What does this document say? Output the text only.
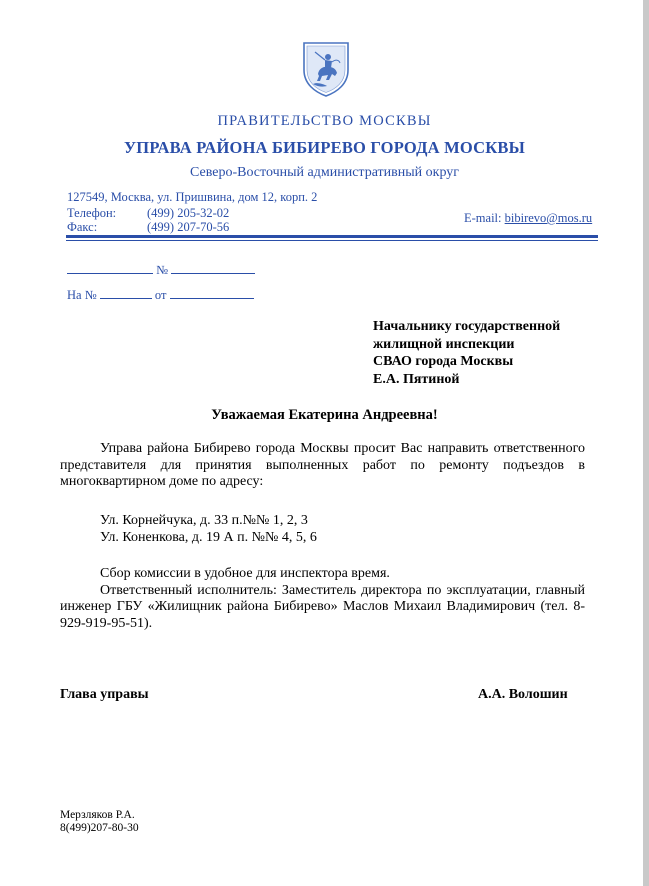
ПРАВИТЕЛЬСТВО МОСКВЫ
УПРАВА РАЙОНА БИБИРЕВО ГОРОДА МОСКВЫ
Северо-Восточный административный округ
127549, Москва, ул. Пришвина, дом 12, корп. 2
Телефон: (499) 205-32-02
Факс:	(499) 207-70-56
E-mail: bibirevo@mos.ru
№
На №	от
Начальнику государственной
жилищной инспекции
СВАО города Москвы
Е.А. Пятиной
Уважаемая Екатерина Андреевна!
Управа района Бибирево города Москвы просит Вас направить ответственного представителя для принятия выполненных работ по ремонту подъездов в многоквартирном доме по адресу:
Ул. Корнейчука, д. 33 п.№№ 1, 2, 3
Ул. Коненкова, д. 19 А п. №№ 4, 5, 6
Сбор комиссии в удобное для инспектора время.
Ответственный исполнитель: Заместитель директора по эксплуатации, главный инженер ГБУ «Жилищник района Бибирево» Маслов Михаил Владимирович (тел. 8-929-919-95-51).
Глава управы	А.А. Волошин
Мерзляков Р.А.
8(499)207-80-30
